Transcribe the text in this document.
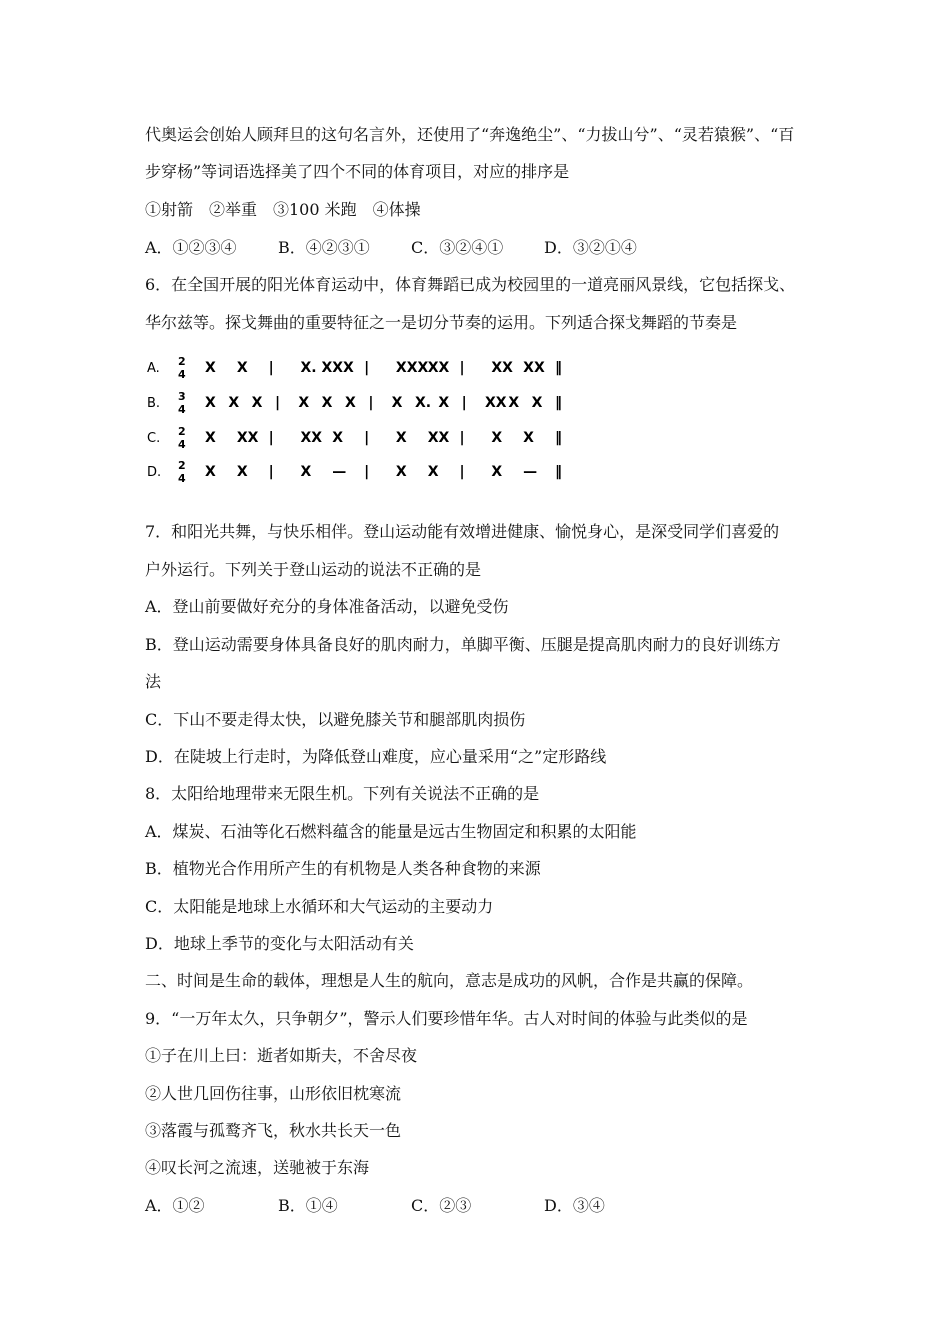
代奥运会创始人顾拜旦的这句名言外，还使用了“奔逸绝尘”、“力拔山兮”、“灵若猿猴”、“百
步穿杨”等词语选择美了四个不同的体育项目，对应的排序是
①射箭　②举重　③100 米跑　④体操
A．①②③④	B．④②③①	C．③②④①	D．③②①④
6．在全国开展的阳光体育运动中，体育舞蹈已成为校园里的一道亮丽风景线，它包括探戈、
华尔兹等。探戈舞曲的重要特征之一是切分节奏的运用。下列适合探戈舞蹈的节奏是
A. 2
4 X X | X. X XX | XXX XX | XX XX ‖
B. 3
4 X X X | X X X | X X. X | XX X X ‖
C. 2
4 X XX | XX X | X XX | X X ‖
D. 2
4 X X | X — | X X | X — ‖
7．和阳光共舞，与快乐相伴。登山运动能有效增进健康、愉悦身心，是深受同学们喜爱的
户外运行。下列关于登山运动的说法不正确的是
A．登山前要做好充分的身体准备活动，以避免受伤
B．登山运动需要身体具备良好的肌肉耐力，单脚平衡、压腿是提高肌肉耐力的良好训练方
法
C．下山不要走得太快，以避免膝关节和腿部肌肉损伤
D．在陡坡上行走时，为降低登山难度，应心量采用“之”定形路线
8．太阳给地理带来无限生机。下列有关说法不正确的是
A．煤炭、石油等化石燃料蕴含的能量是远古生物固定和积累的太阳能
B．植物光合作用所产生的有机物是人类各种食物的来源
C．太阳能是地球上水循环和大气运动的主要动力
D．地球上季节的变化与太阳活动有关
二、时间是生命的载体，理想是人生的航向，意志是成功的风帆，合作是共赢的保障。
9．“一万年太久，只争朝夕”，警示人们要珍惜年华。古人对时间的体验与此类似的是
①子在川上曰：逝者如斯夫，不舍尽夜
②人世几回伤往事，山形依旧枕寒流
③落霞与孤鹜齐飞，秋水共长天一色
④叹长河之流速，送驰被于东海
A．①②	B．①④	C．②③	D．③④
